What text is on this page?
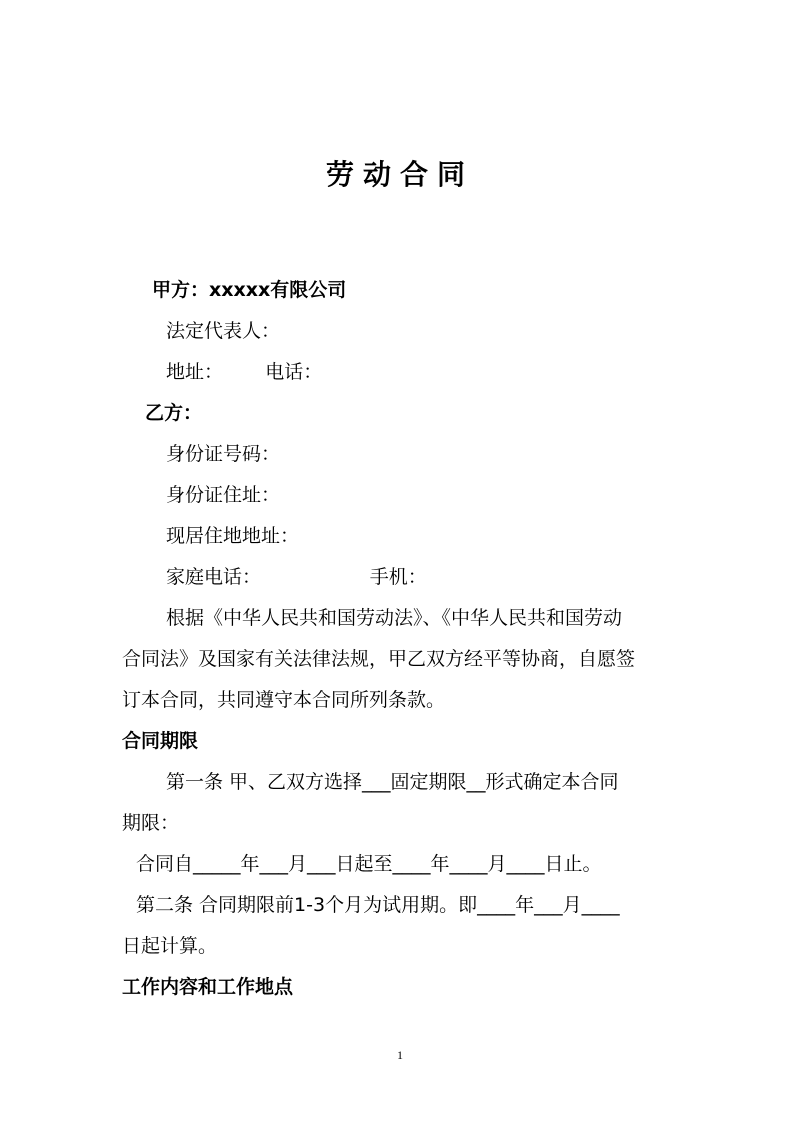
劳动合同

甲方：xxxxx有限公司

法定代表人：

地址：       电话：

乙方：

身份证号码：

身份证住址：

现居住地地址：

家庭电话：                  手机：

根据《中华人民共和国劳动法》、《中华人民共和国劳动

合同法》及国家有关法律法规，甲乙双方经平等协商，自愿签

订本合同，共同遵守本合同所列条款。

合同期限

第一条 甲、乙双方选择___固定期限__形式确定本合同

期限：

合同自_____年___月___日起至____年____月____日止。

第二条 合同期限前1-3个月为试用期。即____年___月____

日起计算。

工作内容和工作地点

1
